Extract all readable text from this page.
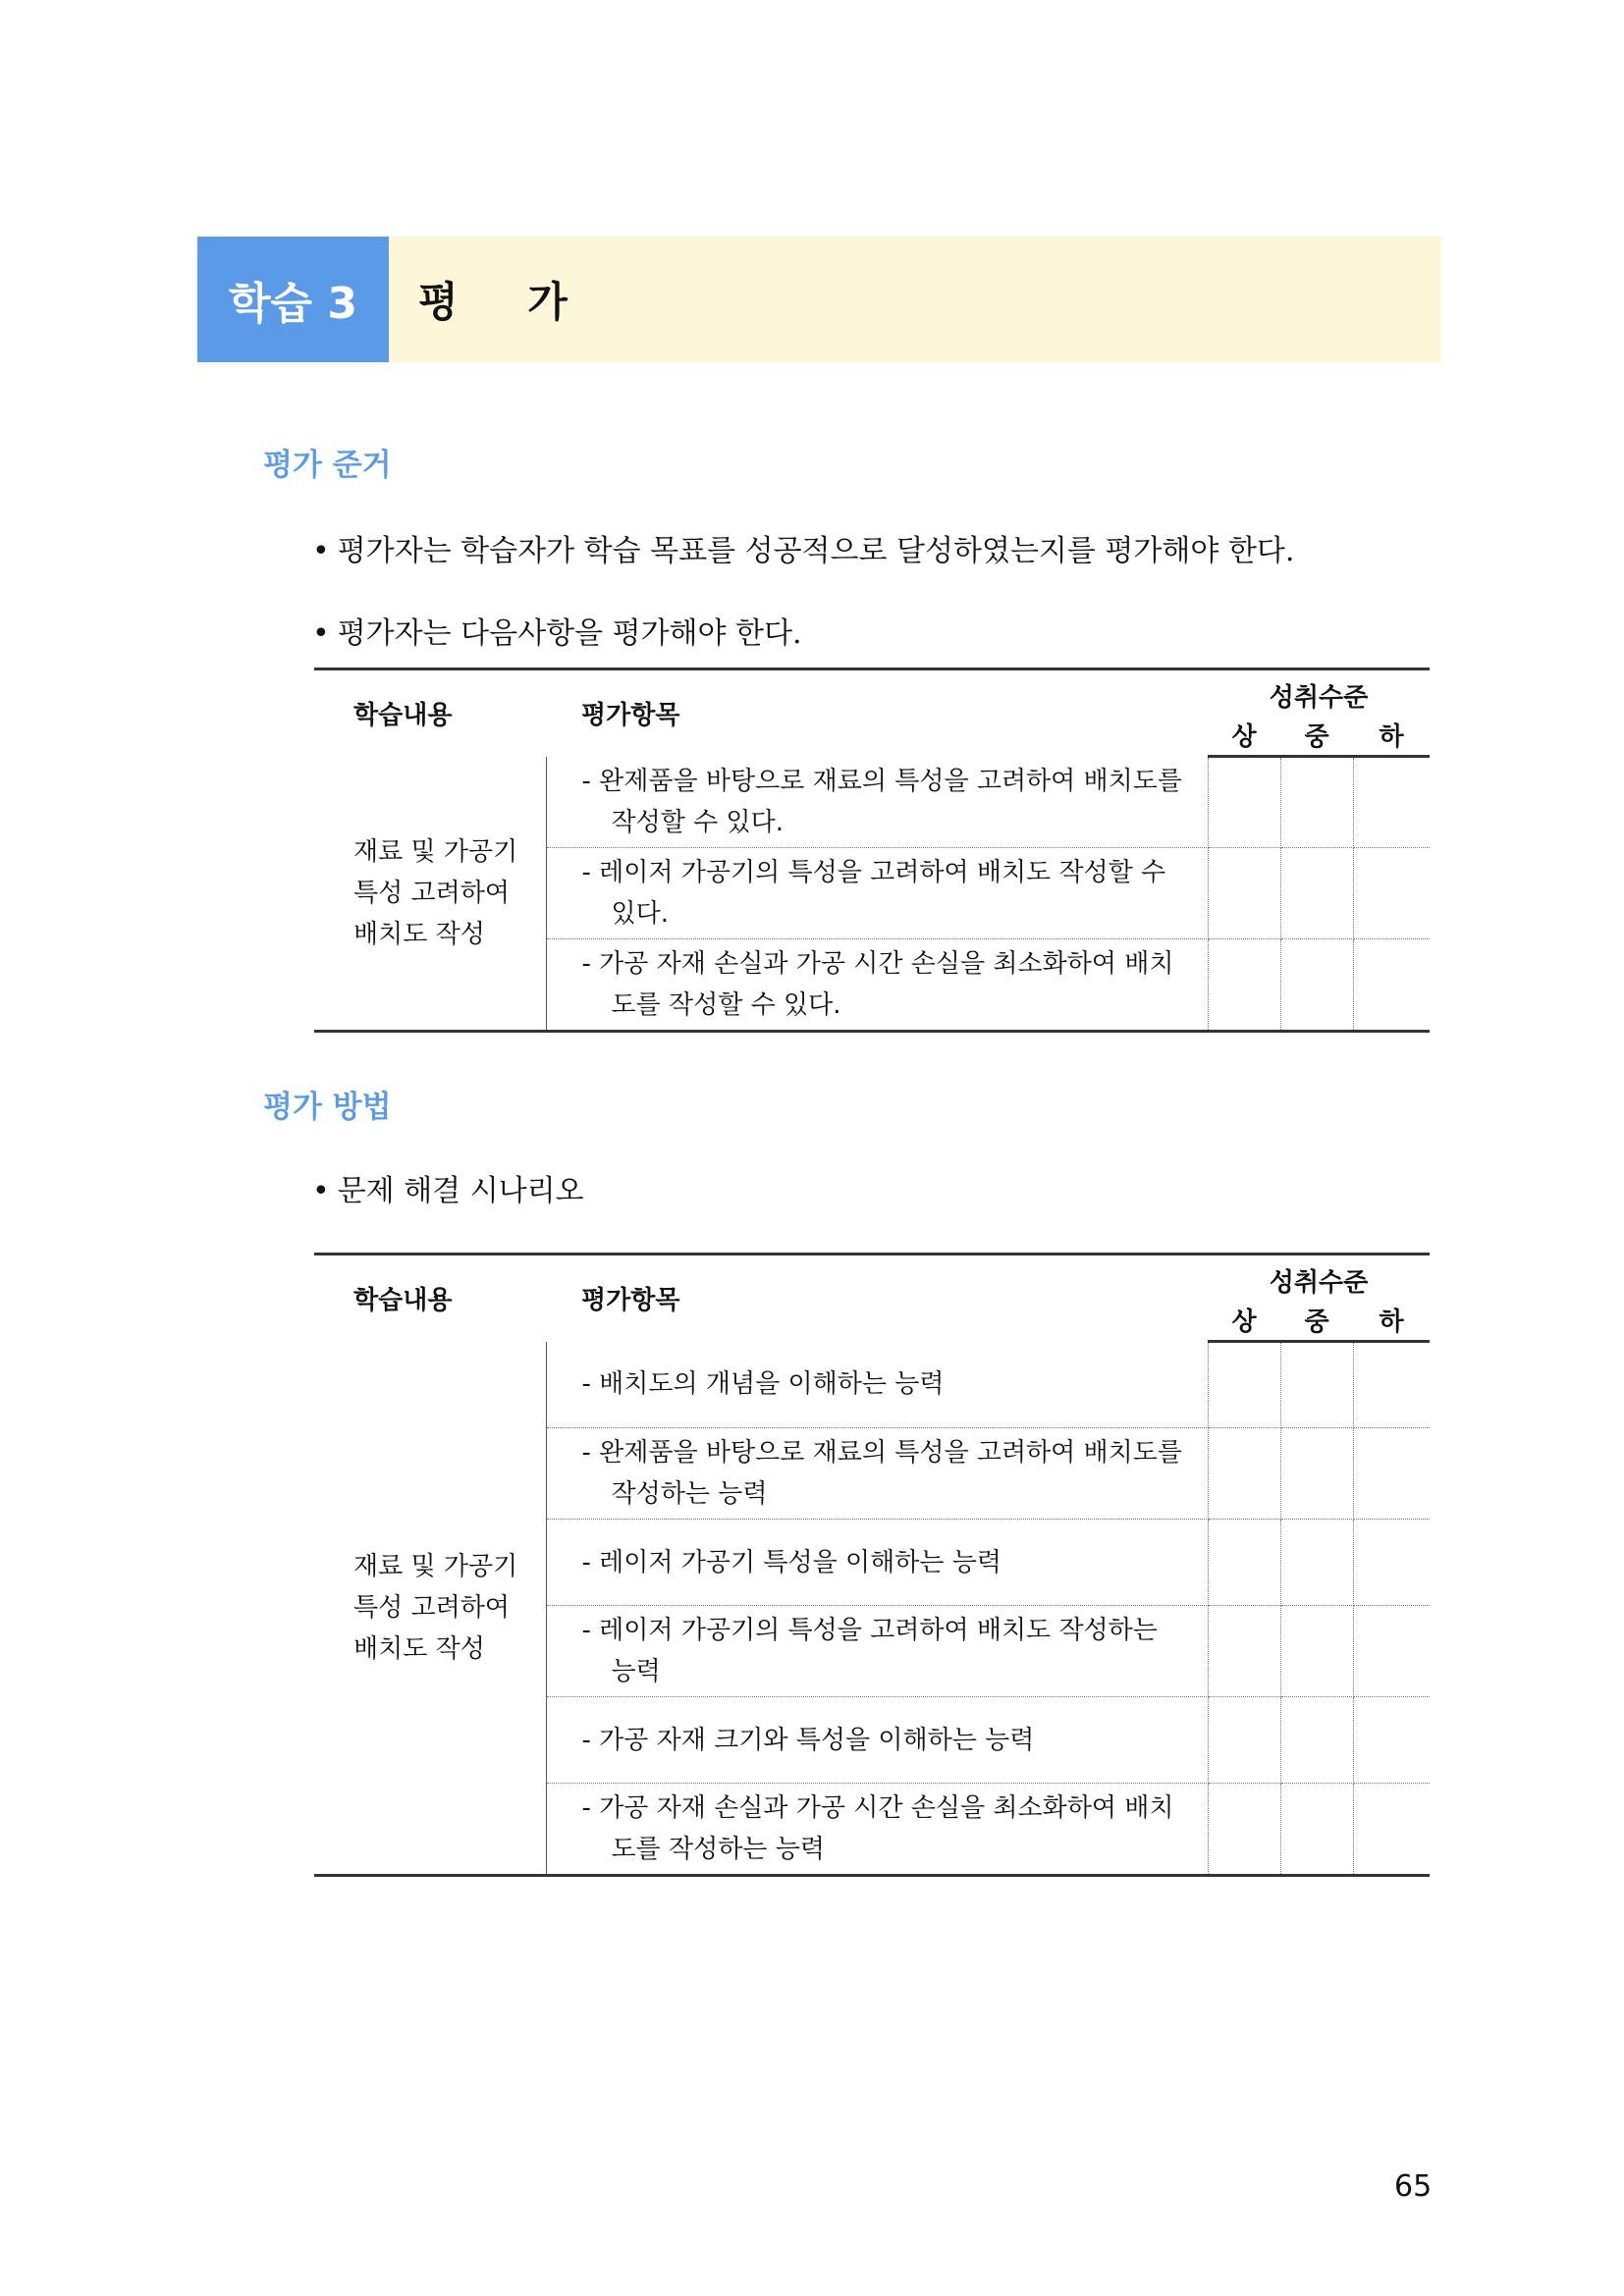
학습 3 평 가
평가 준거
• 평가자는 학습자가 학습 목표를 성공적으로 달성하였는지를 평가해야 한다.
• 평가자는 다음사항을 평가해야 한다.
학습내용	평가항목	성취수준		
		상	중	하

재료 및 가공기 특성 고려하여 배치도 작성	- 완제품을 바탕으로 재료의 특성을 고려하여 배치도를 작성할 수 있다.			

	- 레이저 가공기의 특성을 고려하여 배치도 작성할 수 있다.			

	- 가공 자재 손실과 가공 시간 손실을 최소화하여 배치도를 작성할 수 있다.			

평가 방법
• 문제 해결 시나리오
학습내용	평가항목	성취수준		
		상	중	하

재료 및 가공기 특성 고려하여 배치도 작성	- 배치도의 개념을 이해하는 능력			

	- 완제품을 바탕으로 재료의 특성을 고려하여 배치도를 작성하는 능력			

	- 레이저 가공기 특성을 이해하는 능력			

	- 레이저 가공기의 특성을 고려하여 배치도 작성하는 능력			

	- 가공 자재 크기와 특성을 이해하는 능력			

	- 가공 자재 손실과 가공 시간 손실을 최소화하여 배치도를 작성하는 능력			

65
